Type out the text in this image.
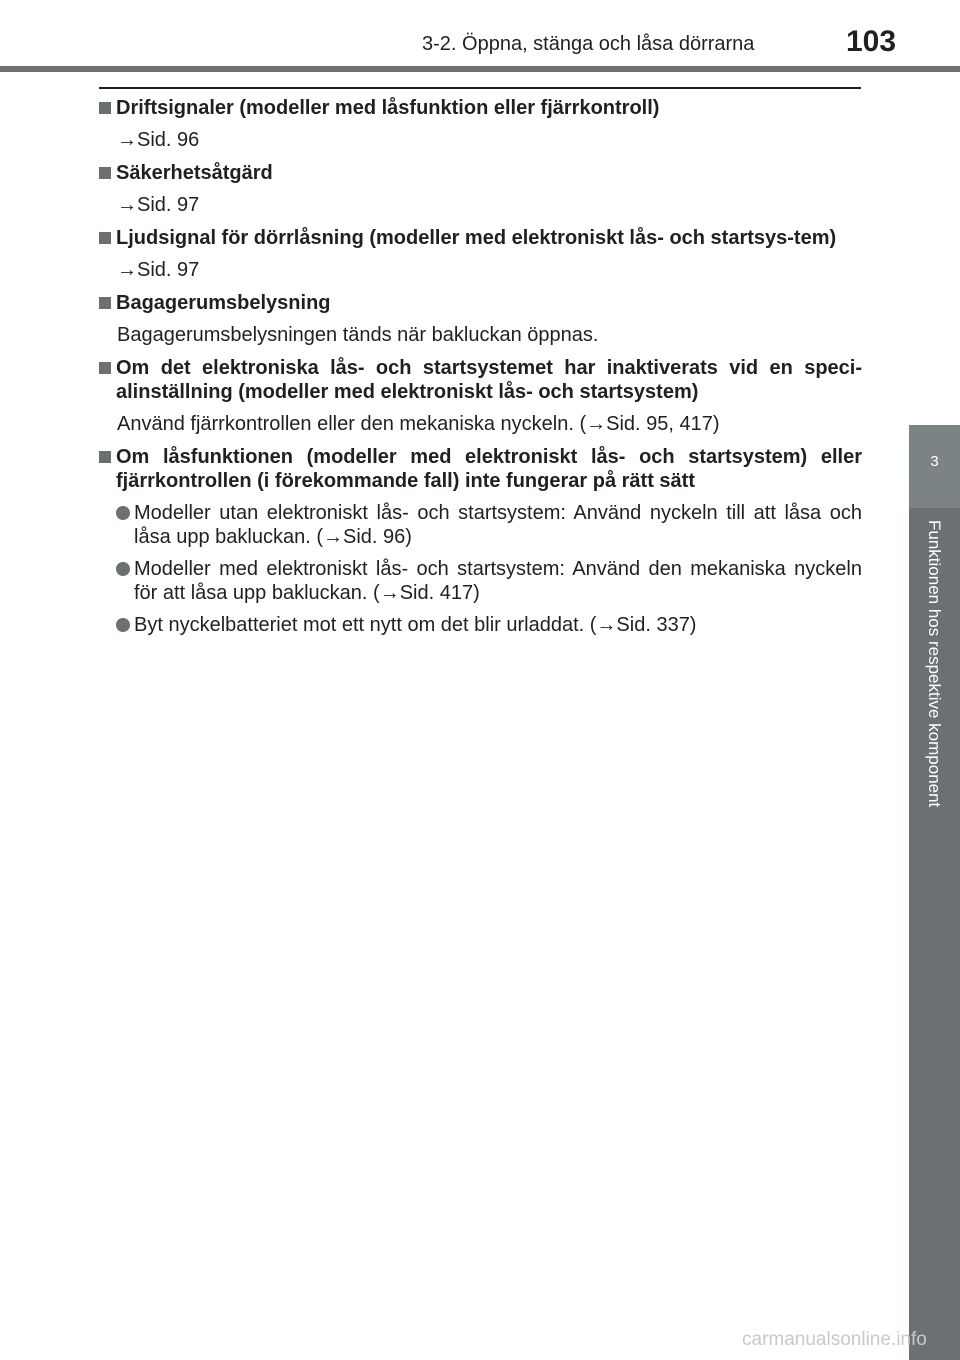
3-2. Öppna, stänga och låsa dörrarna	103
3
Funktionen hos respektive komponent
Driftsignaler (modeller med låsfunktion eller fjärrkontroll)
→Sid. 96
Säkerhetsåtgärd
→Sid. 97
Ljudsignal för dörrlåsning (modeller med elektroniskt lås- och startsys-tem)
→Sid. 97
Bagagerumsbelysning
Bagagerumsbelysningen tänds när bakluckan öppnas.
Om det elektroniska lås- och startsystemet har inaktiverats vid en speci-alinställning (modeller med elektroniskt lås- och startsystem)
Använd fjärrkontrollen eller den mekaniska nyckeln. (→Sid. 95, 417)
Om låsfunktionen (modeller med elektroniskt lås- och startsystem) eller fjärrkontrollen (i förekommande fall) inte fungerar på rätt sätt
Modeller utan elektroniskt lås- och startsystem: Använd nyckeln till att låsa och låsa upp bakluckan. (→Sid. 96)
Modeller med elektroniskt lås- och startsystem: Använd den mekaniska nyckeln för att låsa upp bakluckan. (→Sid. 417)
Byt nyckelbatteriet mot ett nytt om det blir urladdat. (→Sid. 337)
carmanualsonline.info
